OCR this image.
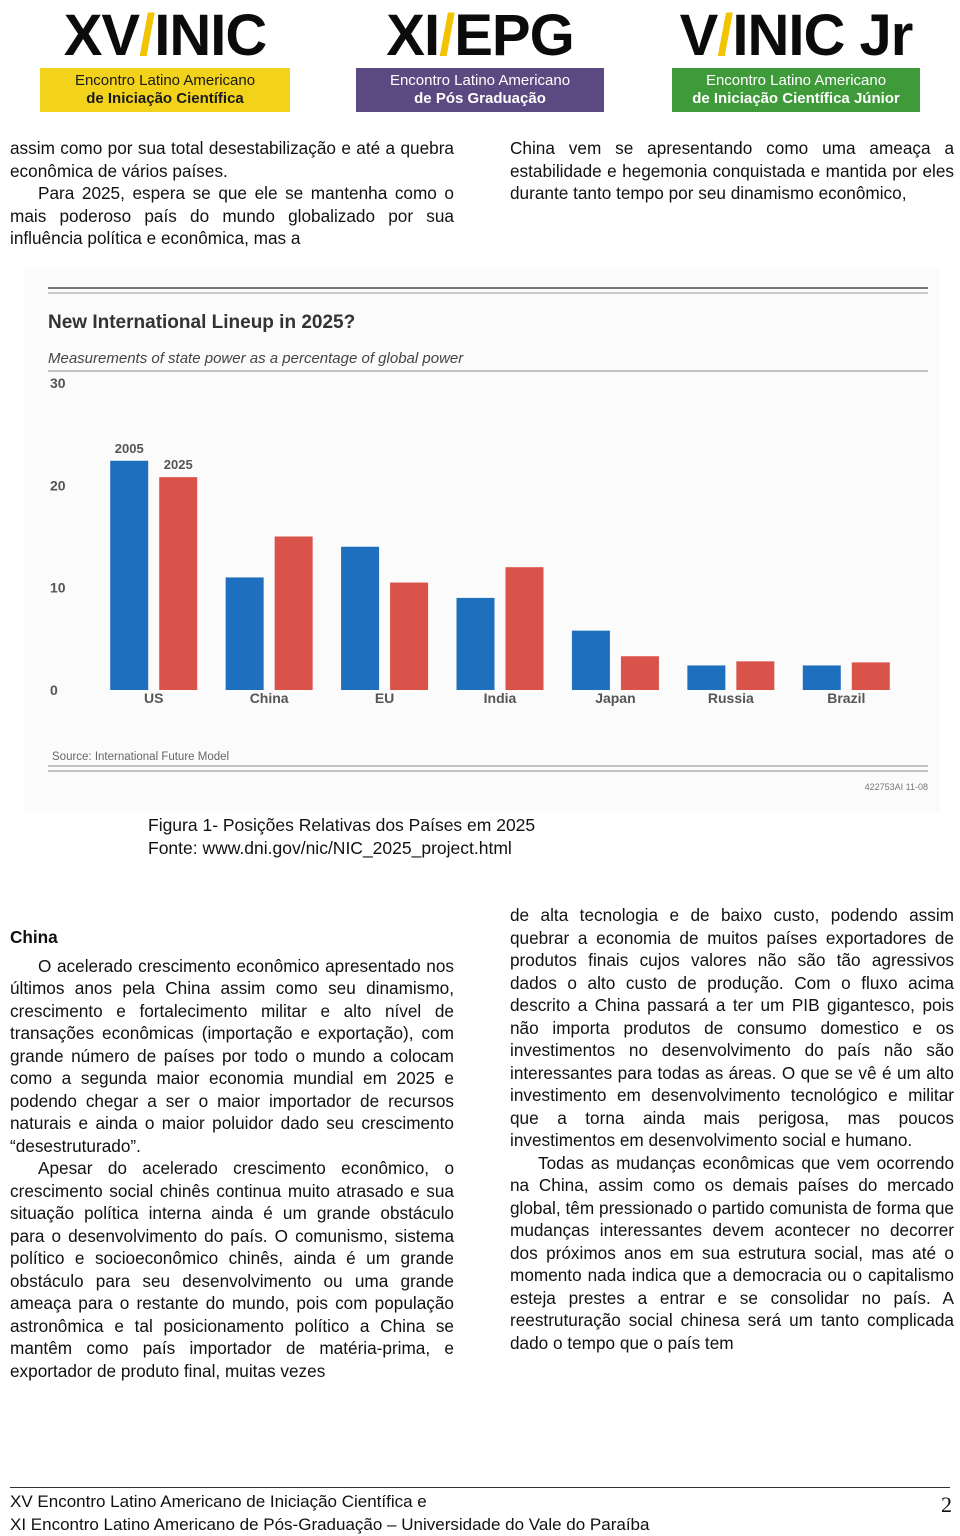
XV/INIC
Encontro Latino Americano
de Iniciação Científica
XI/EPG
Encontro Latino Americano
de Pós Graduação
V/INIC Jr
Encontro Latino Americano
de Iniciação Científica Júnior

assim como por sua total desestabilização e até a quebra econômica de vários países.

Para 2025, espera se que ele se mantenha como o mais poderoso país do mundo globalizado por sua influência política e econômica, mas a

China vem se apresentando como uma ameaça a estabilidade e hegemonia conquistada e mantida por eles durante tanto tempo por seu dinamismo econômico,

New International Lineup in 2025?
Measurements of state power as a percentage of global power
0
10
20
30
US	China	EU	India	Japan	Russia	Brazil
2005
2025
Source: International Future Model
422753AI 11-08
Figura 1- Posições Relativas dos Países em 2025
Fonte: www.dni.gov/nic/NIC_2025_project.html
China

O acelerado crescimento econômico apresentado nos últimos anos pela China assim como seu dinamismo, crescimento e fortalecimento militar e alto nível de transações econômicas (importação e exportação), com grande número de países por todo o mundo a colocam como a segunda maior economia mundial em 2025 e podendo chegar a ser o maior importador de recursos naturais e ainda o maior poluidor dado seu crescimento “desestruturado”.

Apesar do acelerado crescimento econômico, o crescimento social chinês continua muito atrasado e sua situação política interna ainda é um grande obstáculo para o desenvolvimento do país. O comunismo, sistema político e socioeconômico chinês, ainda é um grande obstáculo para seu desenvolvimento ou uma grande ameaça para o restante do mundo, pois com população astronômica e tal posicionamento político a China se mantêm como país importador de matéria-prima, e exportador de produto final, muitas vezes

de alta tecnologia e de baixo custo, podendo assim quebrar a economia de muitos países exportadores de produtos finais cujos valores não são tão agressivos dados o alto custo de produção. Com o fluxo acima descrito a China passará a ter um PIB gigantesco, pois não importa produtos de consumo domestico e os investimentos no desenvolvimento do país não são interessantes para todas as áreas. O que se vê é um alto investimento em desenvolvimento tecnológico e militar que a torna ainda mais perigosa, mas poucos investimentos em desenvolvimento social e humano.

Todas as mudanças econômicas que vem ocorrendo na China, assim como os demais países do mercado global, têm pressionado o partido comunista de forma que mudanças interessantes devem acontecer no decorrer dos próximos anos em sua estrutura social, mas até o momento nada indica que a democracia ou o capitalismo esteja prestes a entrar e se consolidar no país. A reestruturação social chinesa será um tanto complicada dado o tempo que o país tem

XV Encontro Latino Americano de Iniciação Científica e
XI Encontro Latino Americano de Pós-Graduação – Universidade do Vale do Paraíba
2
